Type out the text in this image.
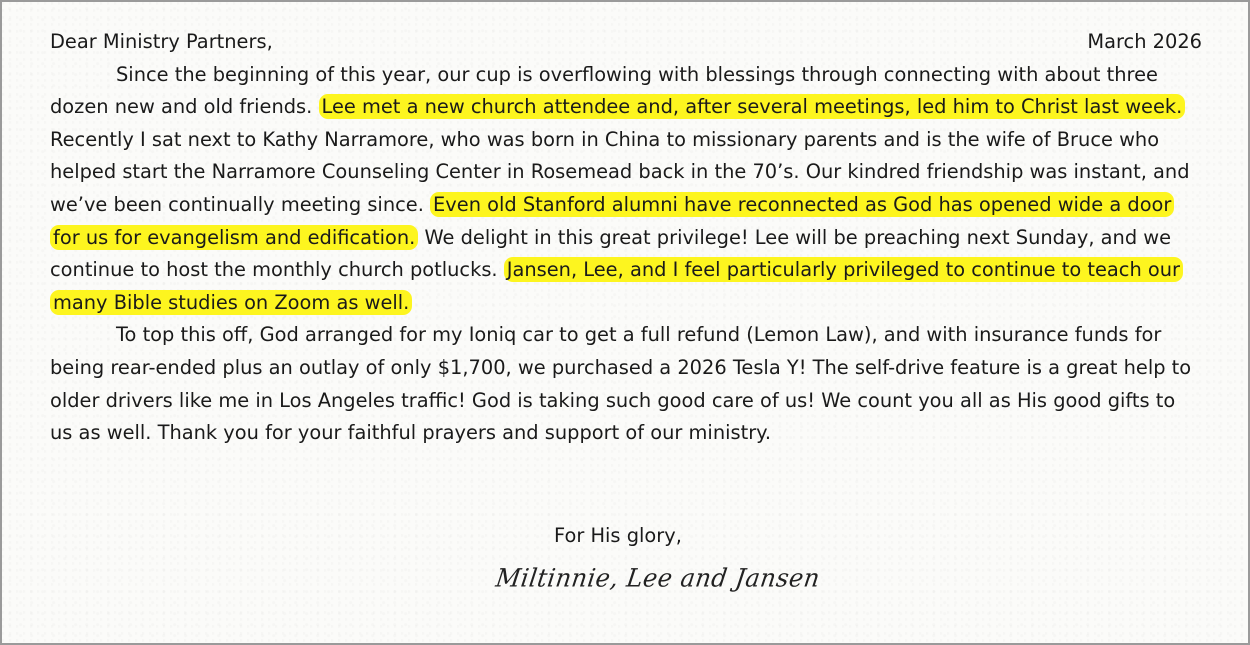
Dear Ministry Partners,	March 2026

Since the beginning of this year, our cup is overflowing with blessings through connecting with about three dozen new and old friends. Lee met a new church attendee and, after several meetings, led him to Christ last week. Recently I sat next to Kathy Narramore, who was born in China to missionary parents and is the wife of Bruce who helped start the Narramore Counseling Center in Rosemead back in the 70’s. Our kindred friendship was instant, and we’ve been continually meeting since. Even old Stanford alumni have reconnected as God has opened wide a door for us for evangelism and edification. We delight in this great privilege! Lee will be preaching next Sunday, and we continue to host the monthly church potlucks. Jansen, Lee, and I feel particularly privileged to continue to teach our many Bible studies on Zoom as well.

To top this off, God arranged for my Ioniq car to get a full refund (Lemon Law), and with insurance funds for being rear-ended plus an outlay of only $1,700, we purchased a 2026 Tesla Y! The self-drive feature is a great help to older drivers like me in Los Angeles traffic! God is taking such good care of us! We count you all as His good gifts to us as well. Thank you for your faithful prayers and support of our ministry.

For His glory,
Miltinnie, Lee and Jansen
